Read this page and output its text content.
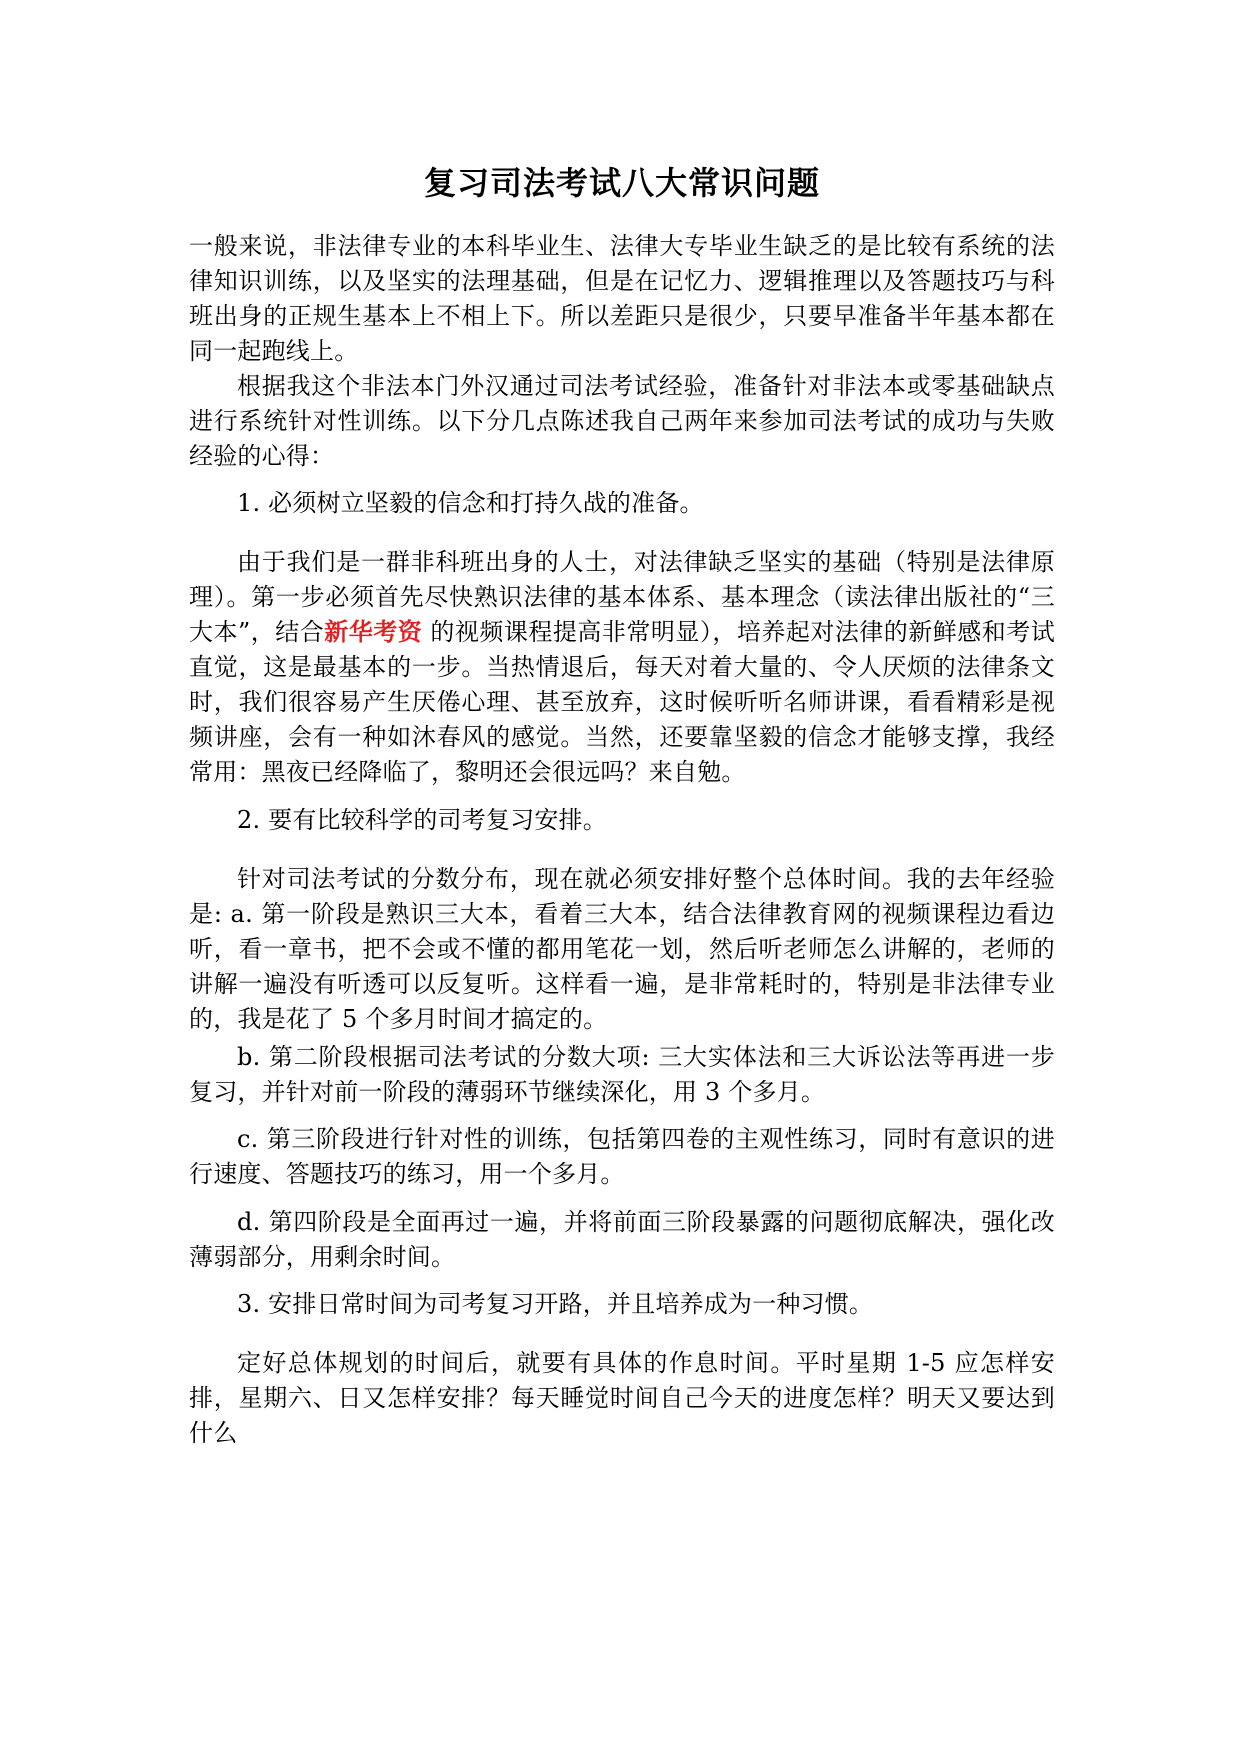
复习司法考试八大常识问题

一般来说，非法律专业的本科毕业生、法律大专毕业生缺乏的是比较有系统的法律知识训练，以及坚实的法理基础，但是在记忆力、逻辑推理以及答题技巧与科班出身的正规生基本上不相上下。所以差距只是很少，只要早准备半年基本都在同一起跑线上。

根据我这个非法本门外汉通过司法考试经验，准备针对非法本或零基础缺点进行系统针对性训练。以下分几点陈述我自己两年来参加司法考试的成功与失败经验的心得：

1. 必须树立坚毅的信念和打持久战的准备。

由于我们是一群非科班出身的人士，对法律缺乏坚实的基础（特别是法律原理）。第一步必须首先尽快熟识法律的基本体系、基本理念（读法律出版社的“三大本”，结合新华考资 的视频课程提高非常明显），培养起对法律的新鲜感和考试直觉，这是最基本的一步。当热情退后，每天对着大量的、令人厌烦的法律条文时，我们很容易产生厌倦心理、甚至放弃，这时候听听名师讲课，看看精彩是视频讲座，会有一种如沐春风的感觉。当然，还要靠坚毅的信念才能够支撑，我经常用：黑夜已经降临了，黎明还会很远吗？来自勉。

2. 要有比较科学的司考复习安排。

针对司法考试的分数分布，现在就必须安排好整个总体时间。我的去年经验是: a. 第一阶段是熟识三大本，看着三大本，结合法律教育网的视频课程边看边听，看一章书，把不会或不懂的都用笔花一划，然后听老师怎么讲解的，老师的讲解一遍没有听透可以反复听。这样看一遍，是非常耗时的，特别是非法律专业的，我是花了 5 个多月时间才搞定的。

b. 第二阶段根据司法考试的分数大项: 三大实体法和三大诉讼法等再进一步复习，并针对前一阶段的薄弱环节继续深化，用 3 个多月。

c. 第三阶段进行针对性的训练，包括第四卷的主观性练习，同时有意识的进行速度、答题技巧的练习，用一个多月。

d. 第四阶段是全面再过一遍，并将前面三阶段暴露的问题彻底解决，强化改薄弱部分，用剩余时间。

3. 安排日常时间为司考复习开路，并且培养成为一种习惯。

定好总体规划的时间后，就要有具体的作息时间。平时星期 1-5 应怎样安排，星期六、日又怎样安排？每天睡觉时间自己今天的进度怎样？明天又要达到什么
